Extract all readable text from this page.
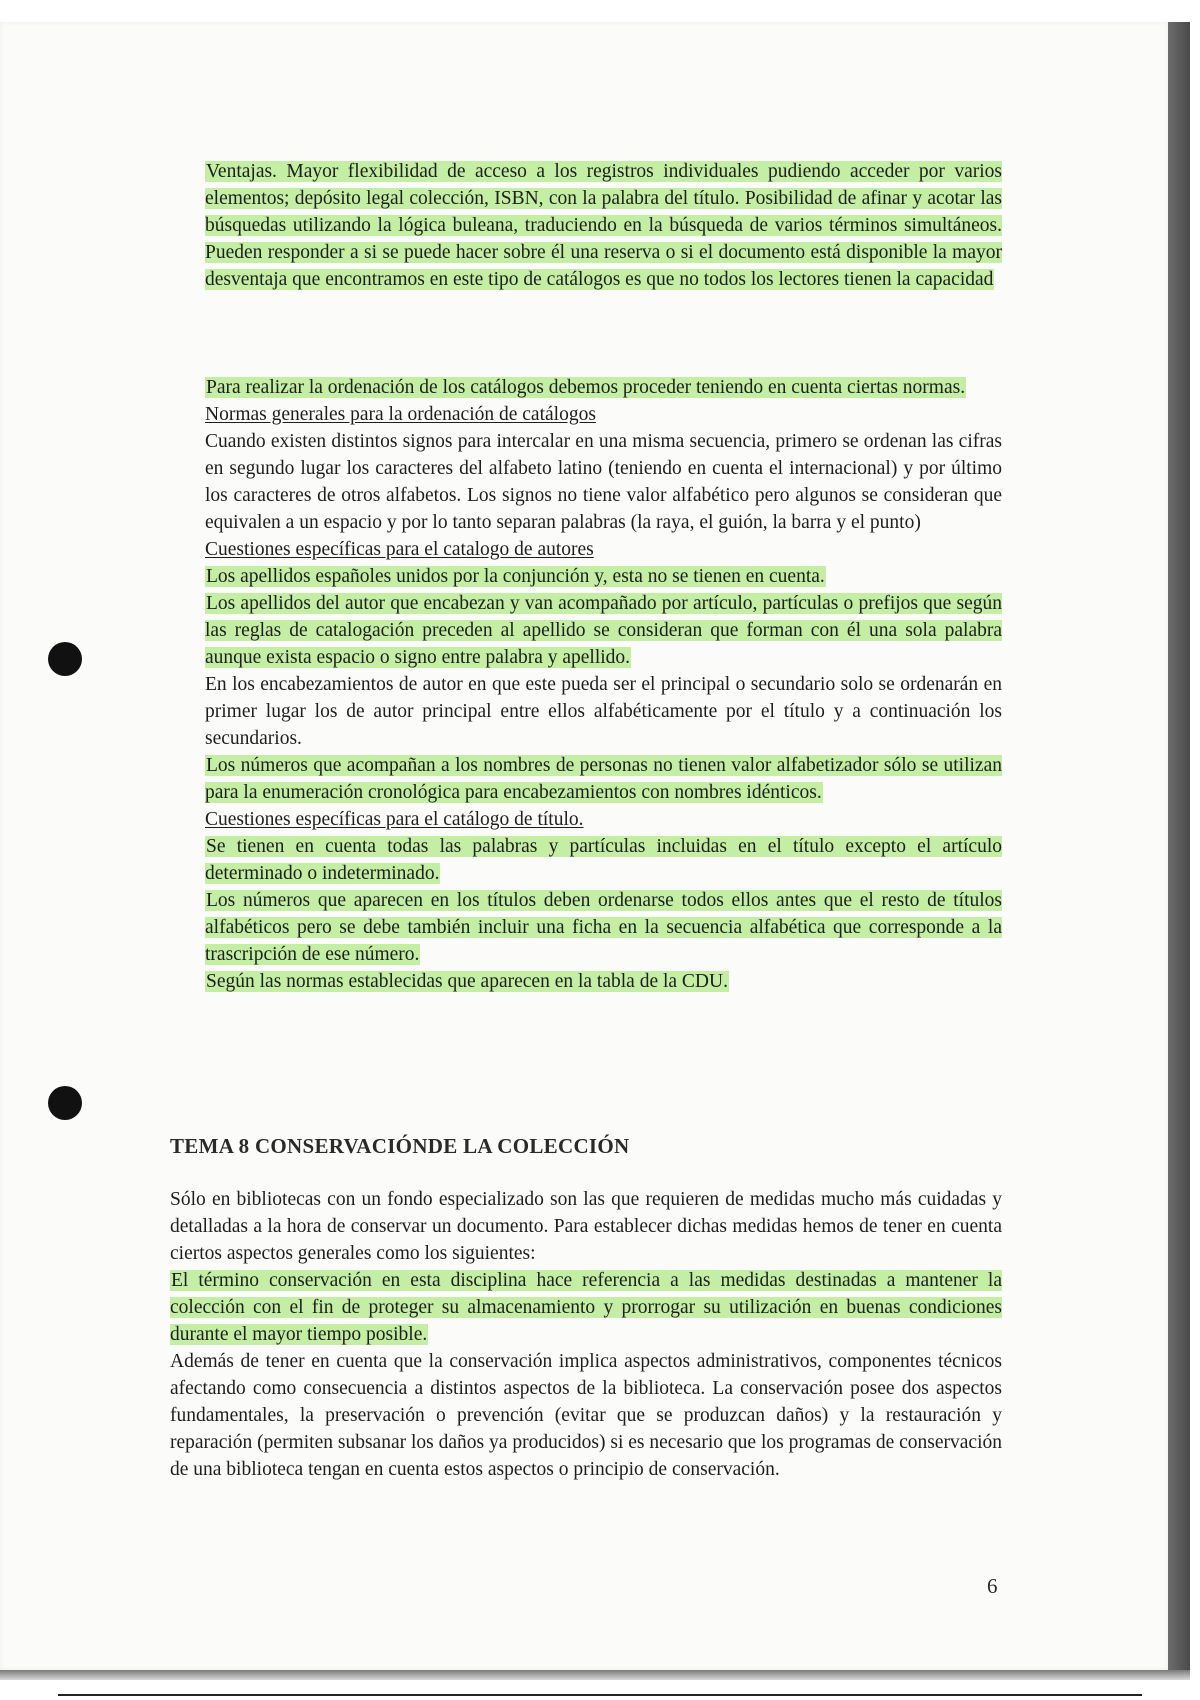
Ventajas. Mayor flexibilidad de acceso a los registros individuales pudiendo acceder por varios elementos; depósito legal colección, ISBN, con la palabra del título. Posibilidad de afinar y acotar las búsquedas utilizando la lógica buleana, traduciendo en la búsqueda de varios términos simultáneos. Pueden responder a si se puede hacer sobre él una reserva o si el documento está disponible la mayor desventaja que encontramos en este tipo de catálogos es que no todos los lectores tienen la capacidad

Para realizar la ordenación de los catálogos debemos proceder teniendo en cuenta ciertas normas.

Normas generales para la ordenación de catálogos

Cuando existen distintos signos para intercalar en una misma secuencia, primero se ordenan las cifras en segundo lugar los caracteres del alfabeto latino (teniendo en cuenta el internacional) y por último los caracteres de otros alfabetos. Los signos no tiene valor alfabético pero algunos se consideran que equivalen a un espacio y por lo tanto separan palabras (la raya, el guión, la barra y el punto)

Cuestiones específicas para el catalogo de autores

Los apellidos españoles unidos por la conjunción y, esta no se tienen en cuenta.

Los apellidos del autor que encabezan y van acompañado por artículo, partículas o prefijos que según las reglas de catalogación preceden al apellido se consideran que forman con él una sola palabra aunque exista espacio o signo entre palabra y apellido.

En los encabezamientos de autor en que este pueda ser el principal o secundario solo se ordenarán en primer lugar los de autor principal entre ellos alfabéticamente por el título y a continuación los secundarios.

Los números que acompañan a los nombres de personas no tienen valor alfabetizador sólo se utilizan para la enumeración cronológica para encabezamientos con nombres idénticos.

Cuestiones específicas para el catálogo de título.

Se tienen en cuenta todas las palabras y partículas incluidas en el título excepto el artículo determinado o indeterminado.

Los números que aparecen en los títulos deben ordenarse todos ellos antes que el resto de títulos alfabéticos pero se debe también incluir una ficha en la secuencia alfabética que corresponde a la trascripción de ese número.

Según las normas establecidas que aparecen en la tabla de la CDU.

TEMA 8 CONSERVACIÓNDE LA COLECCIÓN

Sólo en bibliotecas con un fondo especializado son las que requieren de medidas mucho más cuidadas y detalladas a la hora de conservar un documento. Para establecer dichas medidas hemos de tener en cuenta ciertos aspectos generales como los siguientes:

El término conservación en esta disciplina hace referencia a las medidas destinadas a mantener la colección con el fin de proteger su almacenamiento y prorrogar su utilización en buenas condiciones durante el mayor tiempo posible.

Además de tener en cuenta que la conservación implica aspectos administrativos, componentes técnicos afectando como consecuencia a distintos aspectos de la biblioteca. La conservación posee dos aspectos fundamentales, la preservación o prevención (evitar que se produzcan daños) y la restauración y reparación (permiten subsanar los daños ya producidos) si es necesario que los programas de conservación de una biblioteca tengan en cuenta estos aspectos o principio de conservación.

6
